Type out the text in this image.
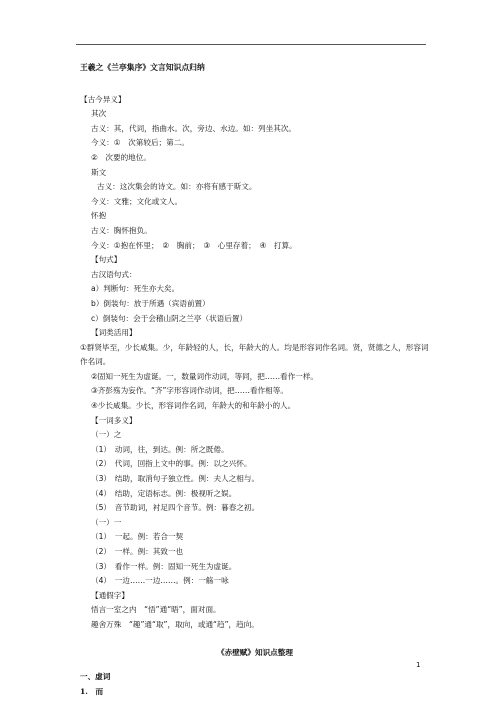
王羲之《兰亭集序》文言知识点归纳
【古今异义】
其次
古义：其，代词，指曲水。次，旁边、水边。如：列坐其次。
今义：①　次第较后；第二。
②　次要的地位。
斯文
古义：这次集会的诗文。如：亦将有感于斯文。
今义：文雅；文化或文人。
怀抱
古义：胸怀抱负。
今义：①抱在怀里；　②　胸前；　③　心里存着；　④　打算。
【句式】
古汉语句式：
a）判断句：死生亦大矣。
b）倒装句：放于所遇（宾语前置）
c）倒装句：会于会稽山阴之兰亭（状语后置）
【词类活用】
①群贤毕至，少长咸集。少，年龄轻的人，长，年龄大的人。均是形容词作名词。贤，贤德之人，形容词作名词。
②固知一死生为虚诞。一，数量词作动词，等同，把……看作一样。
③齐彭殇为妄作。“齐”字形容词作动词，把……看作相等。
④少长咸集。少长，形容词作名词，年龄大的和年龄小的人。
【一词多义】
（一）之
（1）　动词，往，到达。例：所之既倦。
（2）　代词，回指上文中的事。例：以之兴怀。
（3）　结助，取消句子独立性。例：夫人之相与。
（4）　结助，定语标志。例：极视听之娱。
（5）　音节助词，衬足四个音节。例：暮春之初。
（一）一
（1）　一起。例：若合一契
（2）　一样。例：其致一也
（3）　看作一样。例：固知一死生为虚诞。
（4）　一边……一边……。例：一觞一咏
【通假字】
悟言一室之内　“悟”通“晤”，面对面。
趣舍万殊　“趣”通“取”，取向，或通“趋”，趋向。
《赤壁赋》知识点整理
一、虚词
1.　而
1
